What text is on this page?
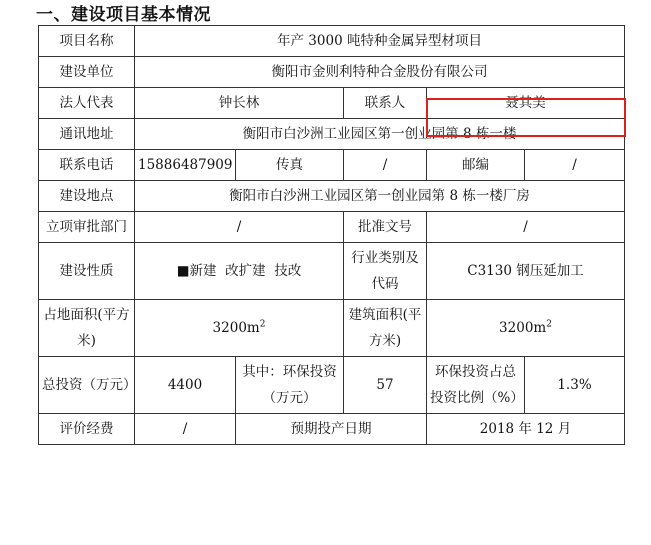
一、建设项目基本情况
项目名称	年产 3000 吨特种金属异型材项目				
建设单位	衡阳市金则利特种合金股份有限公司				
法人代表	钟长林		联系人	聂其美	
通讯地址	衡阳市白沙洲工业园区第一创业园第 8 栋一楼				
联系电话	15886487909	传真	/	邮编	/
建设地点	衡阳市白沙洲工业园区第一创业园第 8 栋一楼厂房				
立项审批部门	/		批准文号	/	
建设性质	■新建 改扩建 技改		行业类别及代码	C3130 钢压延加工	
占地面积(平方米)	$3200m^2$		建筑面积(平方米)	$3200m^2$
总投资（万元）	4400	其中：环保投资（万元）	57	环保投资占总投资比例（%）	1.3%
评价经费	/	预期投产日期		2018 年 12 月	
